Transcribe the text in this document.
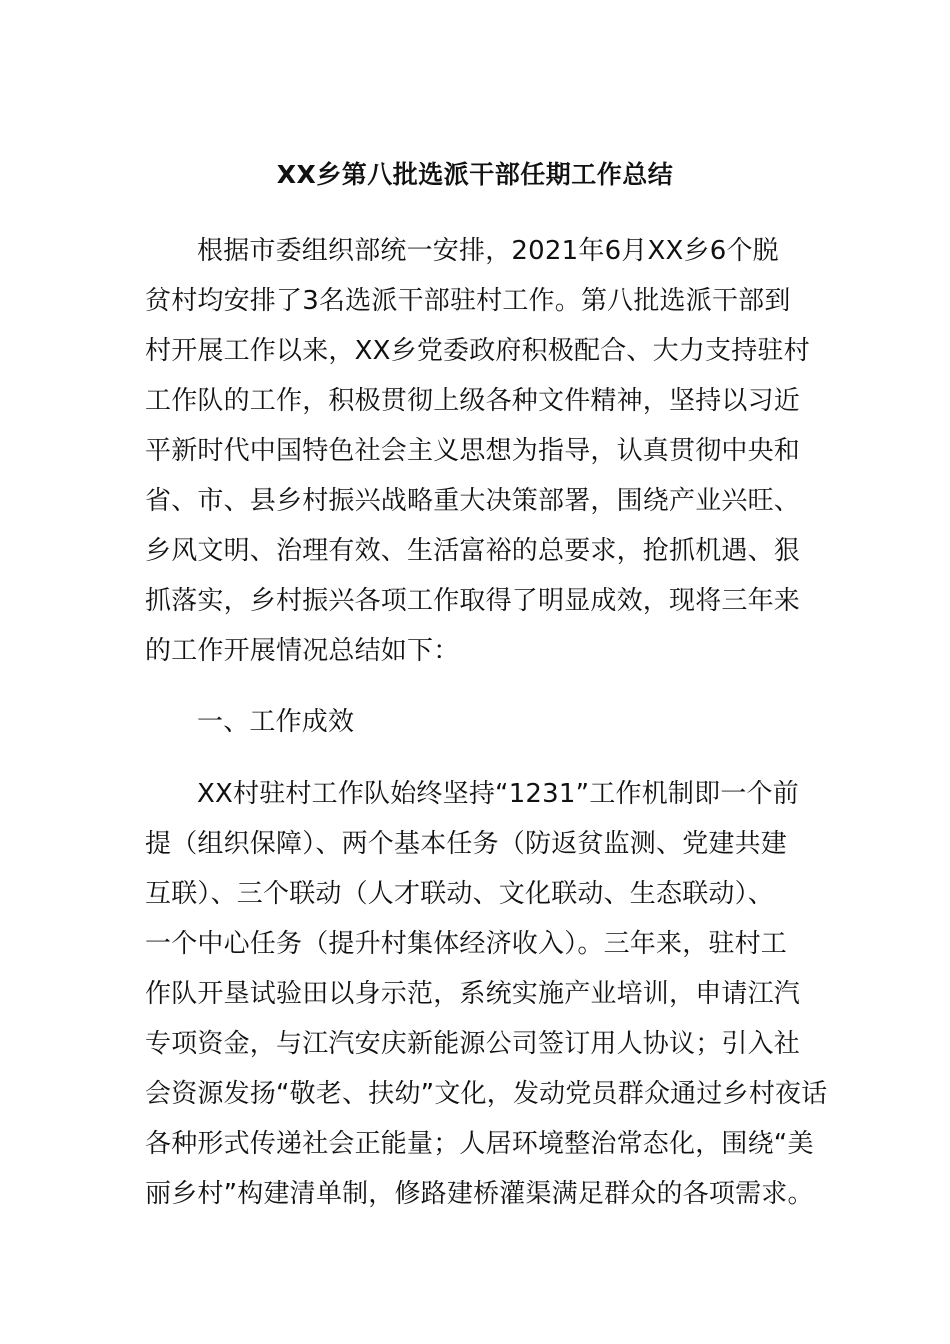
XX乡第八批选派干部任期工作总结
根据市委组织部统一安排，2021年6月XX乡6个脱
贫村均安排了3名选派干部驻村工作。第八批选派干部到
村开展工作以来，XX乡党委政府积极配合、大力支持驻村
工作队的工作，积极贯彻上级各种文件精神，坚持以习近
平新时代中国特色社会主义思想为指导，认真贯彻中央和
省、市、县乡村振兴战略重大决策部署，围绕产业兴旺、
乡风文明、治理有效、生活富裕的总要求，抢抓机遇、狠
抓落实，乡村振兴各项工作取得了明显成效，现将三年来
的工作开展情况总结如下：
一、工作成效
XX村驻村工作队始终坚持“1231”工作机制即一个前
提（组织保障）、两个基本任务（防返贫监测、党建共建
互联）、三个联动（人才联动、文化联动、生态联动）、
一个中心任务（提升村集体经济收入）。三年来，驻村工
作队开垦试验田以身示范，系统实施产业培训，申请江汽
专项资金，与江汽安庆新能源公司签订用人协议；引入社
会资源发扬“敬老、扶幼”文化，发动党员群众通过乡村夜话
各种形式传递社会正能量；人居环境整治常态化，围绕“美
丽乡村”构建清单制，修路建桥灌渠满足群众的各项需求。
